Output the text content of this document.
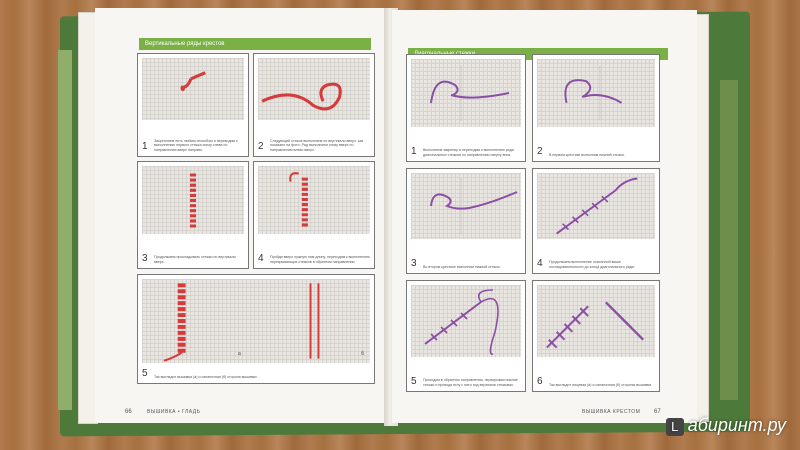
Вертикальные ряды крестов
1
Закрепляем нить любым способом и переводим к выполнению первого стежка снизу слева по направлению вверх направо.	2
Следующий стежок выполняем по вертикали вверх, как показано на фото. Ряд выполняем снизу вверх по направлению влево вверх.
3 Продолжаем прокладывать стежки по вертикали вверх.	4 Пройдя вверх нужную нам длину, переходим к выполнению перекрывающих стежков в обратном направлении.
а	б
5 Так выглядит вышивка (а) и изнаночная (б) сторона вышивки.
66	ВЫШИВКА • ГЛАДЬ
1 Выполняем закрепку и переходим к выполнению ряда диагональных стежков по направлению сверху вниз.	2 В первом крестике выполним нижний стежок.
3 Во втором крестике выполним нижний стежок.	4 Продолжаем выполнение описанной выше последовательности до конца диагонального ряда.
5 Проходим в обратном направлении, перекрывая нижние стежки и проводя иглу с нити под верхними стежками.	6 Так выглядит лицевая (а) и изнаночная (б) стороны вышивки.
ВЫШИВКА КРЕСТОМ 67
L абиринт.ру
